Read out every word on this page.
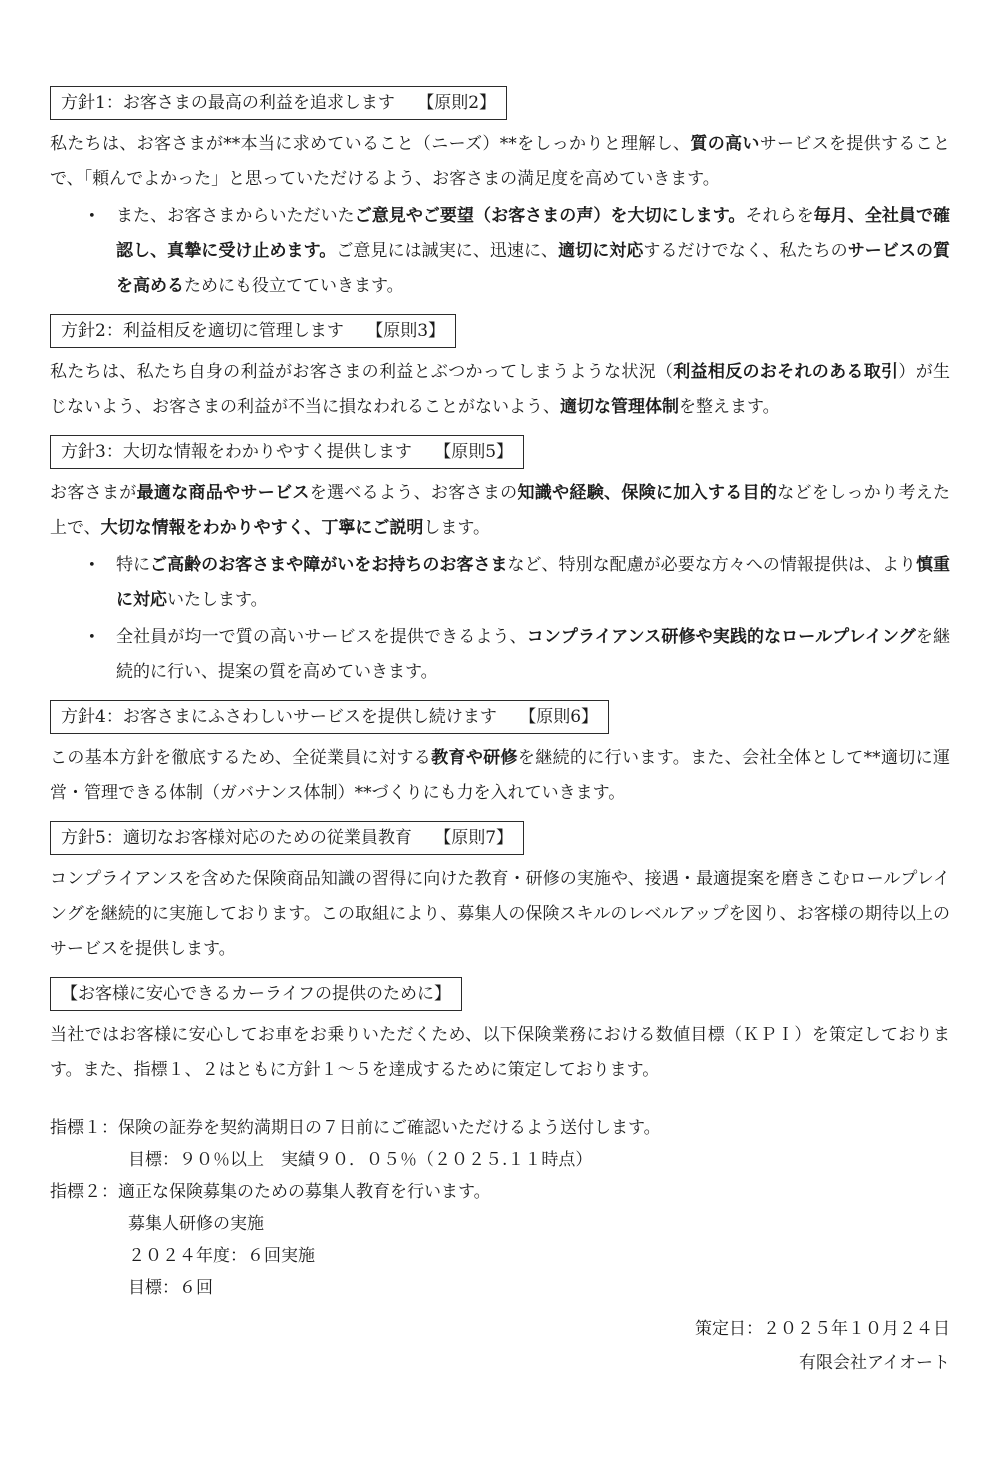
方針1：お客さまの最高の利益を追求します　 【原則2】
私たちは、お客さまが**本当に求めていること（ニーズ）**をしっかりと理解し、質の高いサービスを提供することで、「頼んでよかった」と思っていただけるよう、お客さまの満足度を高めていきます。
• また、お客さまからいただいたご意見やご要望（お客さまの声）を大切にします。それらを毎月、全社員で確認し、真摯に受け止めます。ご意見には誠実に、迅速に、適切に対応するだけでなく、私たちのサービスの質を高めるためにも役立てていきます。
方針2：利益相反を適切に管理します　 【原則3】
私たちは、私たち自身の利益がお客さまの利益とぶつかってしまうような状況（利益相反のおそれのある取引）が生じないよう、お客さまの利益が不当に損なわれることがないよう、適切な管理体制を整えます。
方針3：大切な情報をわかりやすく提供します　 【原則5】
お客さまが最適な商品やサービスを選べるよう、お客さまの知識や経験、保険に加入する目的などをしっかり考えた上で、大切な情報をわかりやすく、丁寧にご説明します。
• 特にご高齢のお客さまや障がいをお持ちのお客さまなど、特別な配慮が必要な方々への情報提供は、より慎重に対応いたします。
• 全社員が均一で質の高いサービスを提供できるよう、コンプライアンス研修や実践的なロールプレイングを継続的に行い、提案の質を高めていきます。
方針4：お客さまにふさわしいサービスを提供し続けます　 【原則6】
この基本方針を徹底するため、全従業員に対する教育や研修を継続的に行います。また、会社全体として**適切に運営・管理できる体制（ガバナンス体制）**づくりにも力を入れていきます。
方針5：適切なお客様対応のための従業員教育　 【原則7】
コンプライアンスを含めた保険商品知識の習得に向けた教育・研修の実施や、接遇・最適提案を磨きこむロールプレイングを継続的に実施しております。この取組により、募集人の保険スキルのレベルアップを図り、お客様の期待以上のサービスを提供します。
【お客様に安心できるカーライフの提供のために】
当社ではお客様に安心してお車をお乗りいただくため、以下保険業務における数値目標（ＫＰＩ）を策定しております。また、指標１、２はともに方針１～５を達成するために策定しております。
指標１：保険の証券を契約満期日の７日前にご確認いただけるよう送付します。
目標：９０％以上　実績９０．０５％（２０２５.１１時点）
指標２：適正な保険募集のための募集人教育を行います。
募集人研修の実施
２０２４年度：６回実施
目標：６回
策定日：２０２５年１０月２４日
有限会社アイオート
